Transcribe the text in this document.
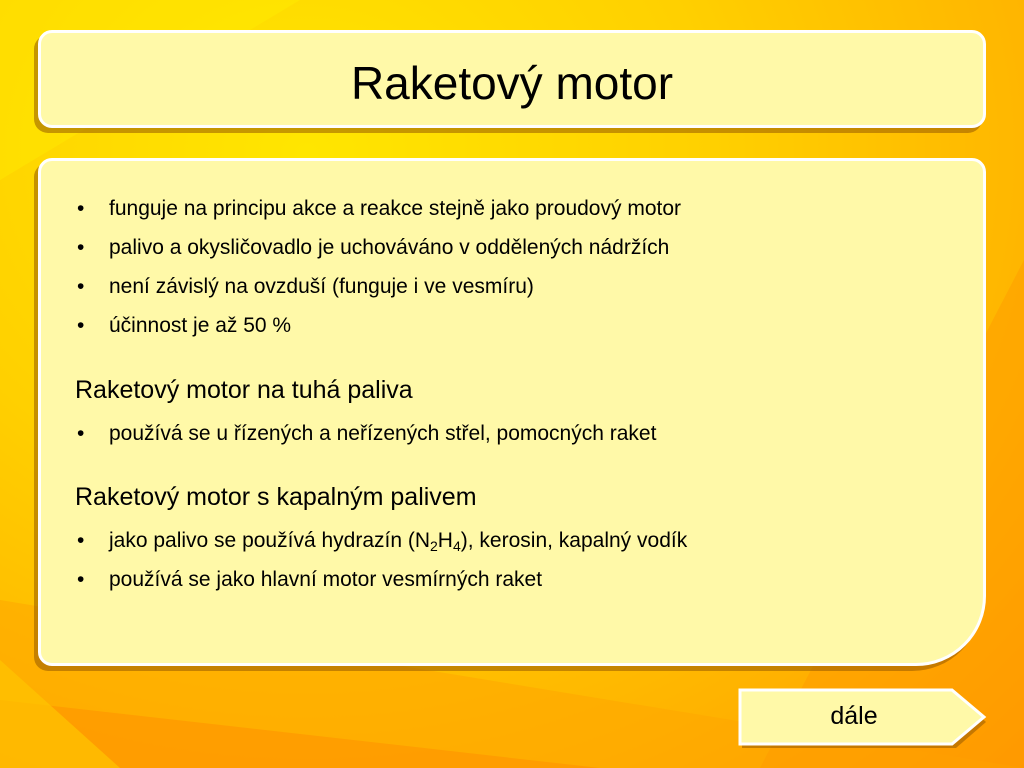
Raketový motor
• funguje na principu akce a reakce stejně jako proudový motor
• palivo a okysličovadlo je uchováváno v oddělených nádržích
• není závislý na ovzduší (funguje i ve vesmíru)
• účinnost je až 50 %
Raketový motor na tuhá paliva
• používá se u řízených a neřízených střel, pomocných raket
Raketový motor s kapalným palivem
• jako palivo se používá hydrazín $(N_2H_4)$, kerosin, kapalný vodík
• používá se jako hlavní motor vesmírných raket
dále
